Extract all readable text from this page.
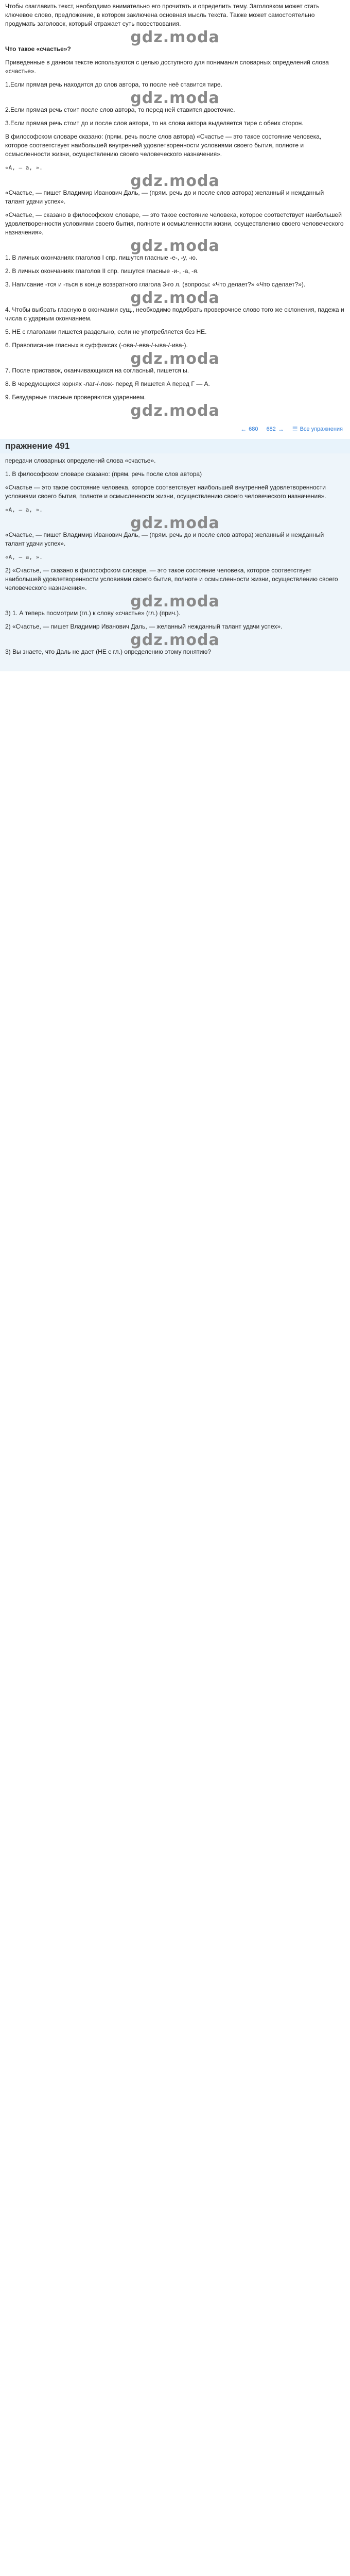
Чтобы озаглавить текст, необходимо внимательно его прочитать и определить тему. Заголовком может стать ключевое слово, предложение, в котором заключена основная мысль текста. Также может самостоятельно продумать заголовок, который отражает суть повествования.

gdz.moda

Что такое «счастье»?

Приведенные в данном тексте используются с целью доступного для понимания словарных определений слова «счастье».

1.Если прямая речь находится до слов автора, то после неё ставится тире.

gdz.moda

2.Если прямая речь стоит после слов автора, то перед ней ставится двоеточие.

3.Если прямая речь стоит до и после слов автора, то на слова автора выделяется тире с обеих сторон.

В философском словаре сказано: (прям. речь после слов автора) «Счастье — это такое состояние человека, которое соответствует наибольшей внутренней удовлетворенности условиями своего бытия, полноте и осмысленности жизни, осуществлению своего человеческого назначения».

«А, — а, ».

gdz.moda

«Счастье, — пишет Владимир Иванович Даль, — (прям. речь до и после слов автора) желанный и нежданный талант удачи успех».

«Счастье, — сказано в философском словаре, — это такое состояние человека, которое соответствует наибольшей удовлетворенности условиями своего бытия, полноте и осмысленности жизни, осуществлению своего человеческого назначения».

gdz.moda

1. В личных окончаниях глаголов I спр. пишутся гласные -е-, -у, -ю.

2. В личных окончаниях глаголов II спр. пишутся гласные -и-, -а, -я.

3. Написание -тся и -ться в конце возвратного глагола 3-го л. (вопросы: «Что делает?» «Что сделает?»).

gdz.moda

4. Чтобы выбрать гласную в окончании сущ., необходимо подобрать проверочное слово того же склонения, падежа и числа с ударным окончанием.

5. НЕ с глаголами пишется раздельно, если не употребляется без НЕ.

6. Правописание гласных в суффиксах (-ова-/-ева-/-ыва-/-ива-).

gdz.moda

7. После приставок, оканчивающихся на согласный, пишется ы.

8. В чередующихся корнях -лаг-/-лож- перед Я пишется А перед Г — А.

9. Безударные гласные проверяются ударением.

gdz.moda
← 680 682 → ☰ Все упражнения
пражнение 491

передачи словарных определений слова «счастье».

1. В философском словаре сказано: (прям. речь после слов автора)

«Счастье — это такое состояние человека, которое соответствует наибольшей внутренней удовлетворенности условиями своего бытия, полноте и осмысленности жизни, осуществлению своего человеческого назначения».

«А, — а, ».

gdz.moda

«Счастье, — пишет Владимир Иванович Даль, — (прям. речь до и после слов автора) желанный и нежданный талант удачи успех».

«А, — а, ».

2) «Счастье, — сказано в философском словаре, — это такое состояние человека, которое соответствует наибольшей удовлетворенности условиями своего бытия, полноте и осмысленности жизни, осуществлению своего человеческого назначения».

gdz.moda

3) 1. А теперь посмотрим (гл.) к слову «счастье» (гл.) (прич.).

2) «Счастье, — пишет Владимир Иванович Даль, — желанный нежданный талант удачи успех».

gdz.moda

3) Вы знаете, что Даль не дает (НЕ с гл.) определению этому понятию?
